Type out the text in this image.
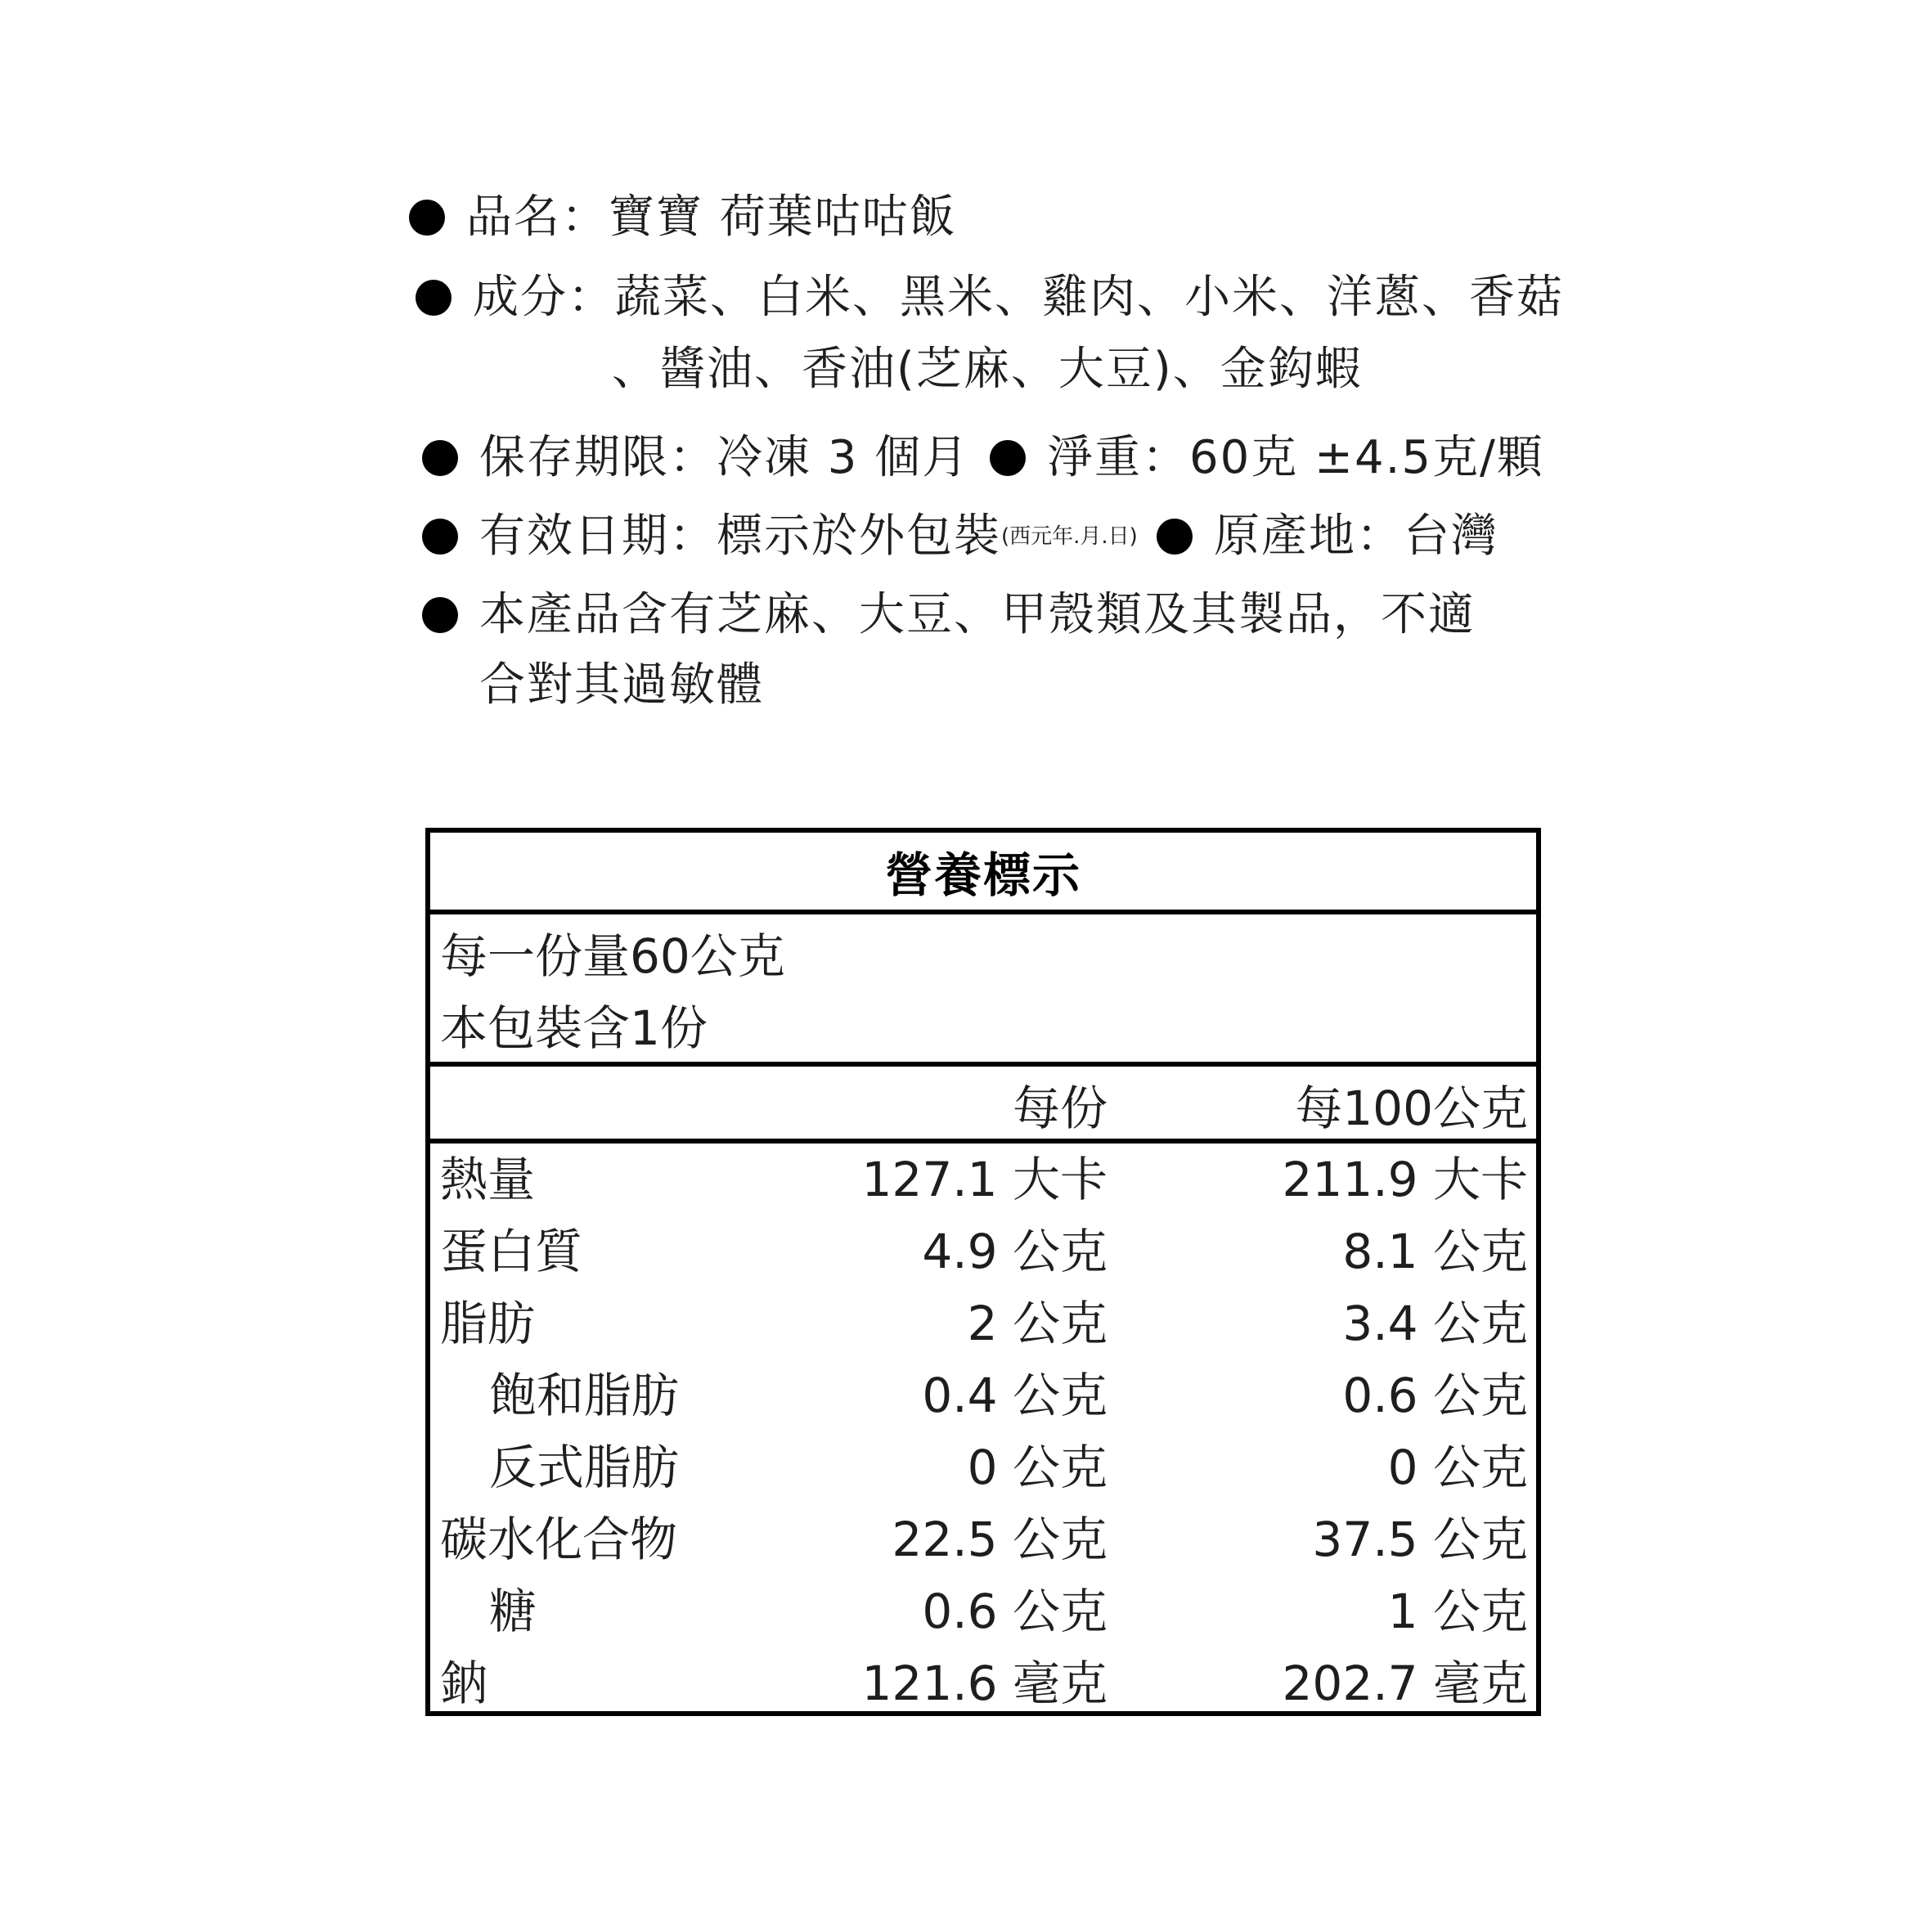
品名：寶寶 荷葉咕咕飯
成分：蔬菜、白米、黑米、雞肉、小米、洋蔥、香菇
、醬油、香油(芝麻、大豆)、金鈎蝦
保存期限：冷凍 3 個月 淨重：60克 ±4.5克/顆
有效日期：標示於外包裝 (西元年.月.日) 原產地：台灣
本產品含有芝麻、大豆、甲殼類及其製品，不適
合對其過敏體
營養標示
每一份量60公克
本包裝含1份
每份	每100公克
熱量	127.1 大卡	211.9 大卡
蛋白質	4.9 公克	8.1 公克
脂肪	2 公克	3.4 公克
飽和脂肪	0.4 公克	0.6 公克
反式脂肪	0 公克	0 公克
碳水化合物	22.5 公克	37.5 公克
糖	0.6 公克	1 公克
鈉	121.6 毫克	202.7 毫克
